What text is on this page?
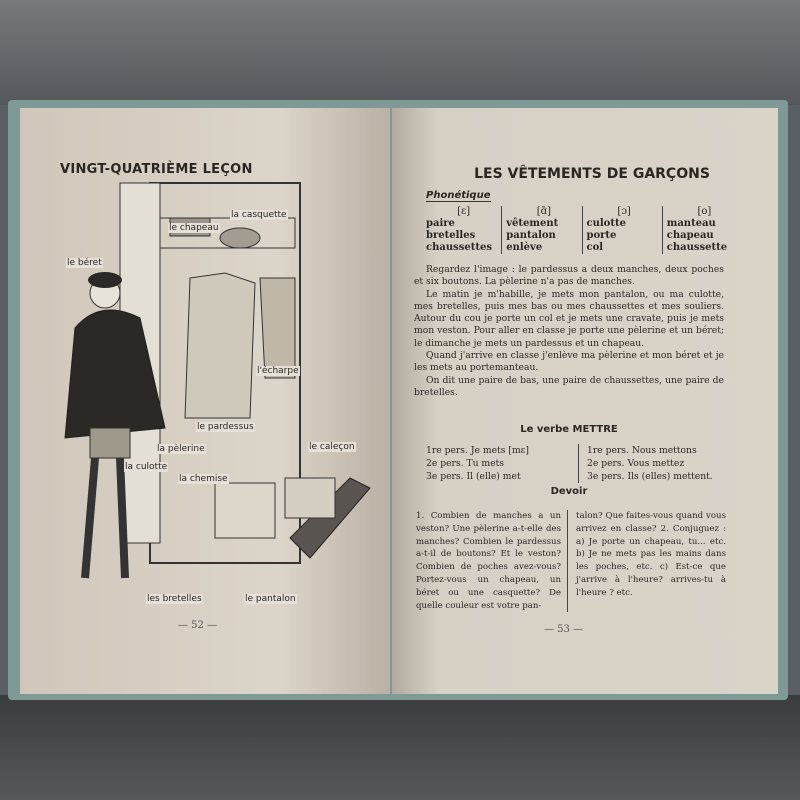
VINGT-QUATRIÈME LEÇON
la casquette
le chapeau
le béret
l'écharpe
le pardessus
la pèlerine
la culotte
la chemise
le caleçon
les bretelles	le pantalon
— 52 —
LES VÊTEMENTS DE GARÇONS
Phonétique
[ɛ]
paire
bretelles
chaussettes
[ɑ̃]
vêtement
pantalon
enlève
[ɔ]
culotte
porte
col
[o]
manteau
chapeau
chaussette

Regardez l'image : le pardessus a deux manches, deux poches et six boutons. La pèlerine n'a pas de manches.

Le matin je m'habille, je mets mon pantalon, ou ma culotte, mes bretelles, puis mes bas ou mes chaussettes et mes souliers. Autour du cou je porte un col et je mets une cravate, puis je mets mon veston. Pour aller en classe je porte une pèlerine et un béret; le dimanche je mets un pardessus et un chapeau.

Quand j'arrive en classe j'enlève ma pèlerine et mon béret et je les mets au portemanteau.

On dit une paire de bas, une paire de chaussettes, une paire de bretelles.

Le verbe METTRE
1re pers. Je mets [mɛ]
2e pers. Tu mets
3e pers. Il (elle) met
1re pers. Nous mettons
2e pers. Vous mettez
3e pers. Ils (elles) mettent.
Devoir
1. Combien de manches a un veston? Une pèlerine a-t-elle des manches? Combien le pardessus a-t-il de boutons? Et le veston? Combien de poches avez-vous? Portez-vous un chapeau, un béret ou une casquette? De quelle couleur est votre pan-
talon? Que faites-vous quand vous arrivez en classe? 2. Conjuguez : a) Je porte un chapeau, tu... etc. b) Je ne mets pas les mains dans les poches, etc. c) Est-ce que j'arrive à l'heure? arrives-tu à l'heure ? etc.
— 53 —
